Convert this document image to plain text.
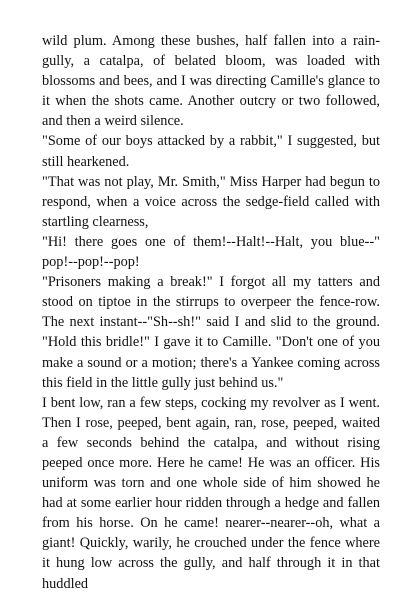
wild plum. Among these bushes, half fallen into a rain-gully, a catalpa, of belated bloom, was loaded with blossoms and bees, and I was directing Camille's glance to it when the shots came. Another outcry or two followed, and then a weird silence.

"Some of our boys attacked by a rabbit," I suggested, but still hearkened.

"That was not play, Mr. Smith," Miss Harper had begun to respond, when a voice across the sedge-field called with startling clearness,

"Hi! there goes one of them!--Halt!--Halt, you blue--" pop!--pop!--pop!

"Prisoners making a break!" I forgot all my tatters and stood on tiptoe in the stirrups to overpeer the fence-row. The next instant--"Sh--sh!" said I and slid to the ground. "Hold this bridle!" I gave it to Camille. "Don't one of you make a sound or a motion; there's a Yankee coming across this field in the little gully just behind us."

I bent low, ran a few steps, cocking my revolver as I went. Then I rose, peeped, bent again, ran, rose, peeped, waited a few seconds behind the catalpa, and without rising peeped once more. Here he came! He was an officer. His uniform was torn and one whole side of him showed he had at some earlier hour ridden through a hedge and fallen from his horse. On he came! nearer--nearer--oh, what a giant! Quickly, warily, he crouched under the fence where it hung low across the gully, and half through it in that huddled
